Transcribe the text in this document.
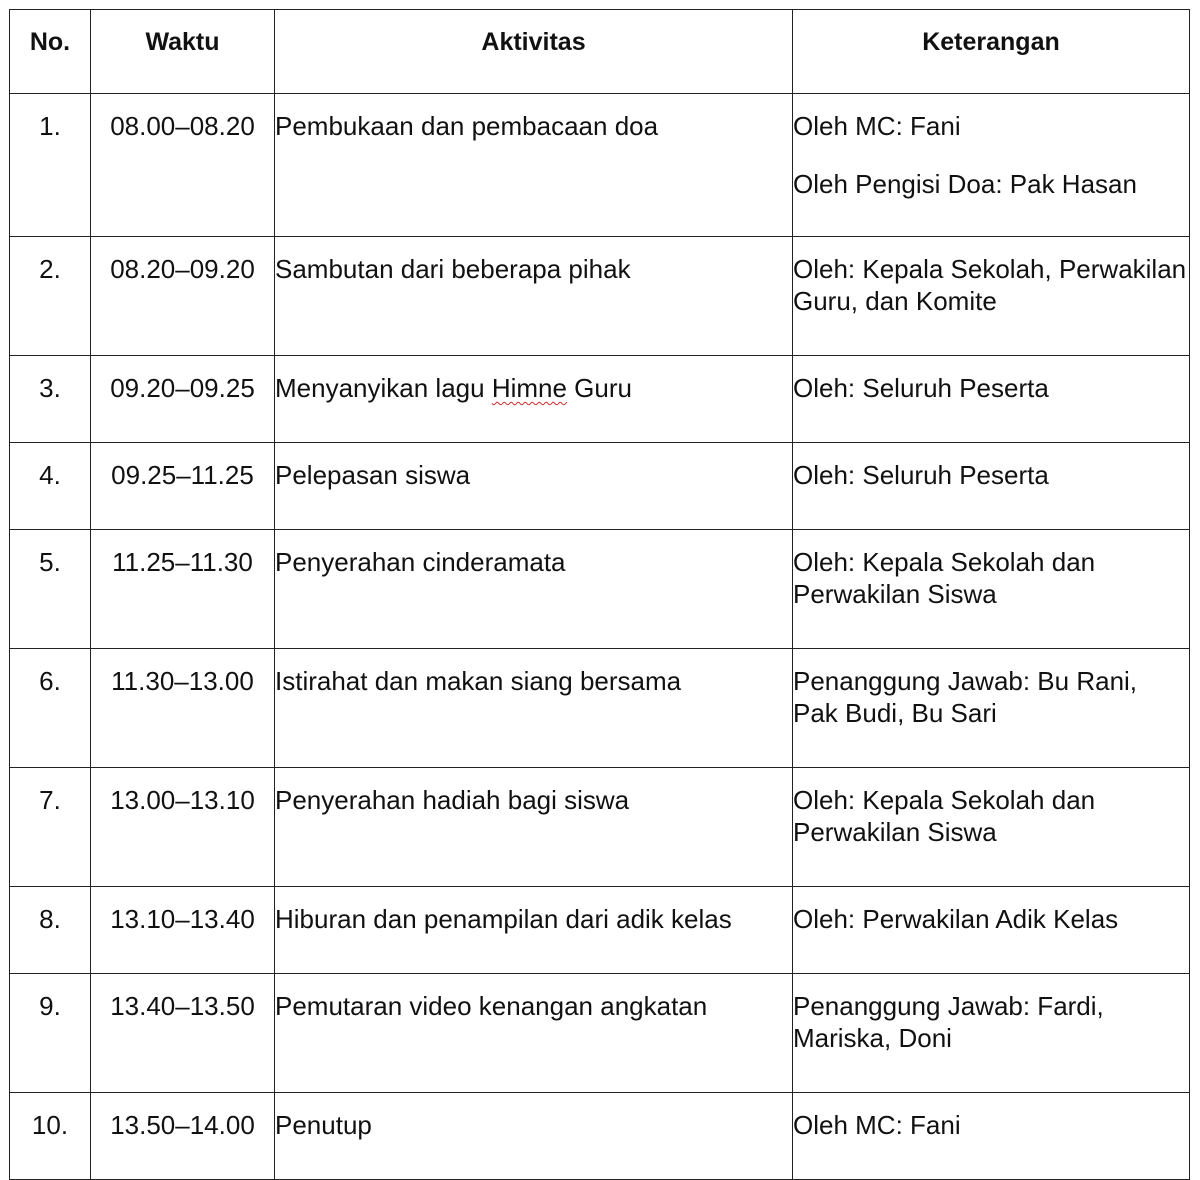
No.	Waktu	Aktivitas	Keterangan
1.	08.00–08.20	Pembukaan dan pembacaan doa	Oleh MC: Fani
Oleh Pengisi Doa: Pak Hasan

2.	08.20–09.20	Sambutan dari beberapa pihak	Oleh: Kepala Sekolah, Perwakilan Guru, dan Komite
3.	09.20–09.25	Menyanyikan lagu Himne Guru	Oleh: Seluruh Peserta
4.	09.25–11.25	Pelepasan siswa	Oleh: Seluruh Peserta
5.	11.25–11.30	Penyerahan cinderamata	Oleh: Kepala Sekolah dan Perwakilan Siswa
6.	11.30–13.00	Istirahat dan makan siang bersama	Penanggung Jawab: Bu Rani, Pak Budi, Bu Sari
7.	13.00–13.10	Penyerahan hadiah bagi siswa	Oleh: Kepala Sekolah dan Perwakilan Siswa
8.	13.10–13.40	Hiburan dan penampilan dari adik kelas	Oleh: Perwakilan Adik Kelas
9.	13.40–13.50	Pemutaran video kenangan angkatan	Penanggung Jawab: Fardi, Mariska, Doni
10.	13.50–14.00	Penutup	Oleh MC: Fani
